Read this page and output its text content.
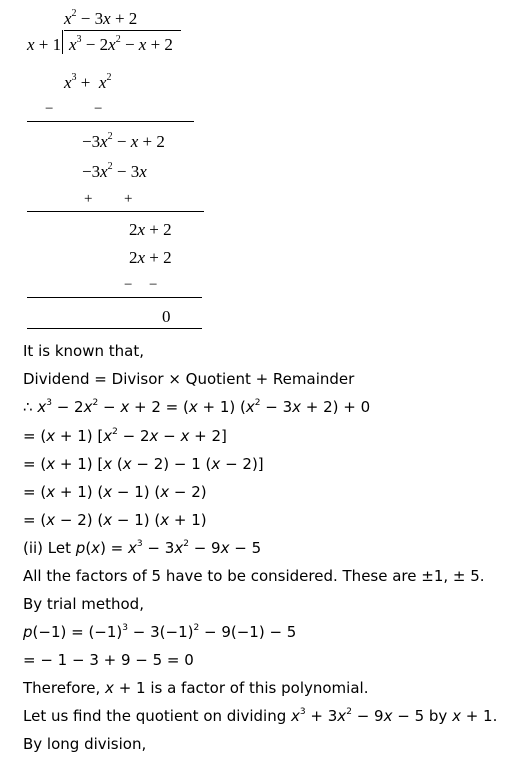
$x^2 - 3x + 2$
x + 1 $x^3 - 2x^2 - x + 2$
$x^3 + x^2$
−	−
$-3x^2 - x + 2$
$-3x^2 - 3x$
+ +
2x + 2
2x + 2
− −
0
It is known that,
Dividend = Divisor × Quotient + Remainder
∴ $x^3 - 2x^2 - x + 2 = (x + 1) (x^2 - 3x + 2) + 0$
= (x + 1) $[x^2 - 2x - x + 2]$
= (x + 1) [x (x − 2) − 1 (x − 2)]
= (x + 1) (x − 1) (x − 2)
= (x − 2) (x − 1) (x + 1)
(ii) Let $p(x) = x^3 - 3x^2 - 9x - 5$
All the factors of 5 have to be considered. These are ±1, ± 5.
By trial method,
$p(-1) = (-1)^3 - 3(-1)^2 - 9(-1) - 5$
= − 1 − 3 + 9 − 5 = 0
Therefore, x + 1 is a factor of this polynomial.
Let us find the quotient on dividing $x^3 + 3x^2 - 9x - 5$ by x + 1.
By long division,
